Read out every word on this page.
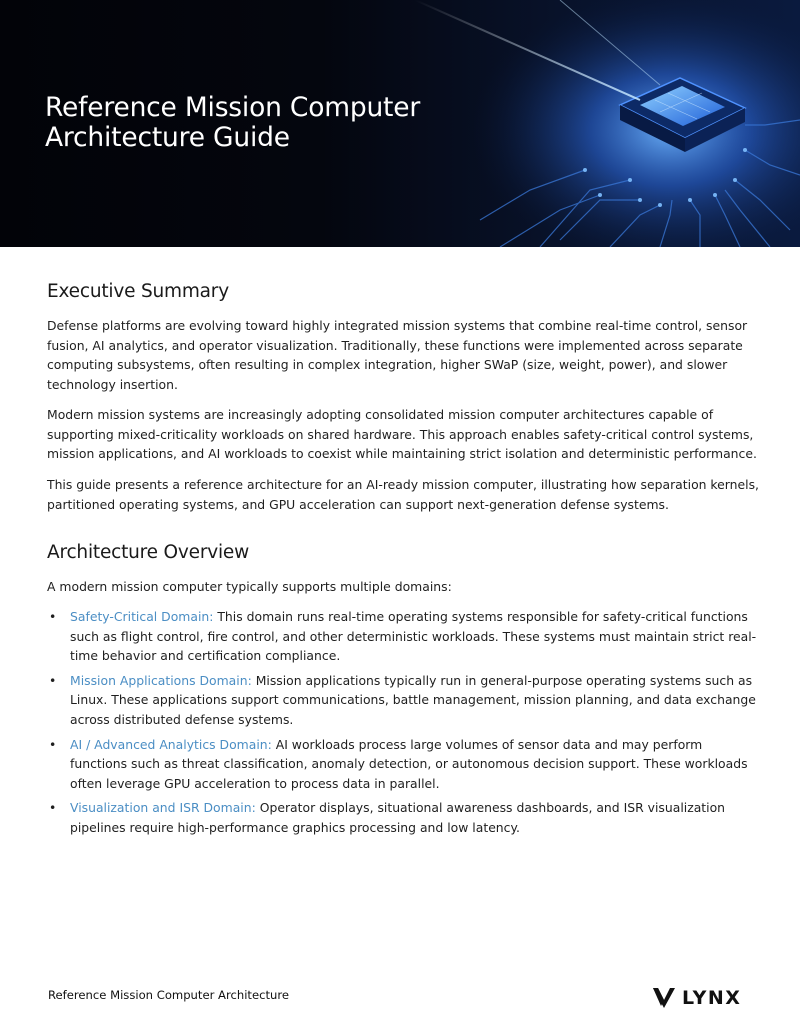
Reference Mission Computer
Architecture Guide
Executive Summary

Defense platforms are evolving toward highly integrated mission systems that combine real-time control, sensor fusion, AI analytics, and operator visualization. Traditionally, these functions were implemented across separate computing subsystems, often resulting in complex integration, higher SWaP (size, weight, power), and slower technology insertion.

Modern mission systems are increasingly adopting consolidated mission computer architectures capable of supporting mixed-criticality workloads on shared hardware. This approach enables safety-critical control systems, mission applications, and AI workloads to coexist while maintaining strict isolation and deterministic performance.

This guide presents a reference architecture for an AI-ready mission computer, illustrating how separation kernels, partitioned operating systems, and GPU acceleration can support next-generation defense systems.

Architecture Overview

A modern mission computer typically supports multiple domains:

• Safety-Critical Domain: This domain runs real-time operating systems responsible for safety-critical functions such as flight control, fire control, and other deterministic workloads. These systems must maintain strict real-time behavior and certification compliance.
• Mission Applications Domain: Mission applications typically run in general-purpose operating systems such as Linux. These applications support communications, battle management, mission planning, and data exchange across distributed defense systems.
• AI / Advanced Analytics Domain: AI workloads process large volumes of sensor data and may perform functions such as threat classification, anomaly detection, or autonomous decision support. These workloads often leverage GPU acceleration to process data in parallel.
• Visualization and ISR Domain: Operator displays, situational awareness dashboards, and ISR visualization pipelines require high-performance graphics processing and low latency.
Reference Mission Computer Architecture	LYNX
